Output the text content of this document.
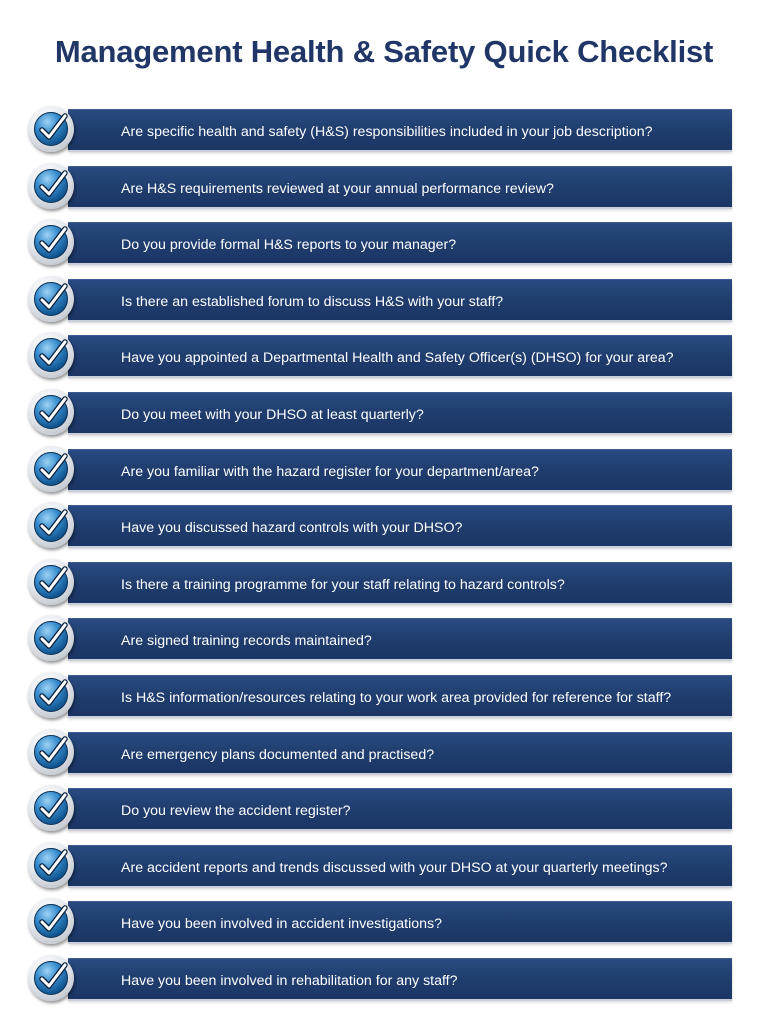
Management Health & Safety Quick Checklist
Are specific health and safety (H&S) responsibilities included in your job description?
Are H&S requirements reviewed at your annual performance review?
Do you provide formal H&S reports to your manager?
Is there an established forum to discuss H&S with your staff?
Have you appointed a Departmental Health and Safety Officer(s) (DHSO) for your area?
Do you meet with your DHSO at least quarterly?
Are you familiar with the hazard register for your department/area?
Have you discussed hazard controls with your DHSO?
Is there a training programme for your staff relating to hazard controls?
Are signed training records maintained?
Is H&S information/resources relating to your work area provided for reference for staff?
Are emergency plans documented and practised?
Do you review the accident register?
Are accident reports and trends discussed with your DHSO at your quarterly meetings?
Have you been involved in accident investigations?
Have you been involved in rehabilitation for any staff?
